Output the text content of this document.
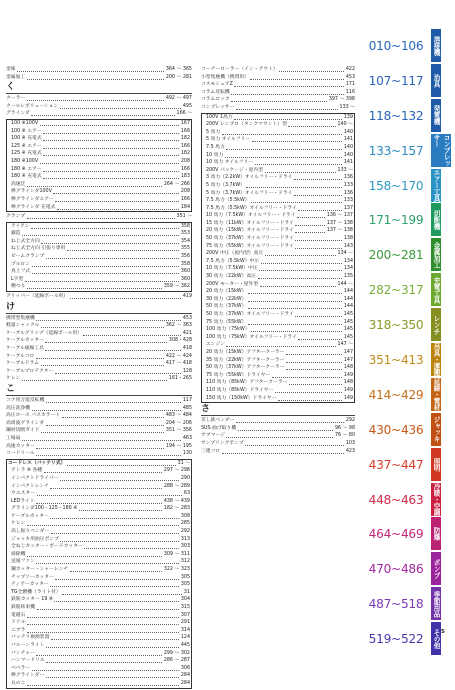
金庫	364 ～ 365
金属加工	200 ～ 281
く
クーラー	492 ～ 497
クールレボリューション	495
グラインダ	166 ～
100 ※100V	167
100 ※ エアー	166
100 ※ 充電式	182
125 ※ エアー	166
125 ※ 充電式	182
180 ※100V	208
180 ※ エアー	166
180 ※ 充電式	183
高速迂	264 ～ 266
棒グラインダ100V	208
棒グラインダエアー	166
棒グラインダ 充電式	184
クランプ	351 ～
アイアン	358
鍛造	353
ねじ式全方向	354
ねじ式全方向 引張り専用	355
ビームクランプ	356
プルロン	358
真上フ式	360
L字型	360
横つり	359 ～ 362
グリッパー（延線ボール用）	419
け
携帯型集塵機	453
軽量シャックル	362 ～ 363
ケーブルグリップ（延線ボール用）	421
ケーブルカッター	308・428
ケーブル通線工具	418
ケーブルコロ	422 ～ 424
ケーブルドラム	417 ～ 418
ケーブルプロテクター	128
ケレン	161・265
こ
コア用万能反転機	117
高圧洗浄機	485
高圧ホース パスカラート	483 ～ 484
高周波グラインダ	204 ～ 206
鋼材切断ガイド	351 ～ 356
工場扇	463
高速カッター	194 ～ 195
コードリール	130
コードレス（バッテリ式）	31 ～
アトラ ※ 各種	297 ～ 298
インパクトドライバー	290
インパクトレンチ	288 ～ 289
ウエスター	63
LEDライト	438 ～ 439
グラインダ100・125・180 ※	182 ～ 283
ケーブルカッター	308
ケレン	285
高し振りペンダー	292
ジャッキ用油圧ポンプ	313
全ねじカッター・ボードカッター	303
掃除機	309 ～ 311
送風ファン	312
鋼カッター・シャーレンチ	322 ～ 323
チップソーカッター	305
ティアーカッター	305
TG全燃機（ライト付）	31
鉄筋カッター 19 ※	304
鉄筋結束機	315
電磁石	307
ドリル	291
ニブラ	314
バッテリ複源装置	124
バルーンライト	445
バンチャー	299 ～ 302
ハンマードリル	286 ～ 287
ベベラー	306
棒グラインダー	284
丸のこ	284
コーナーローラー（イン・アウト）	422
小型集塵機（携帯用）	453
コスモシュアZ	171
コラム反転機	116
コラムロック	397 ～ 398
コンプレッサー	133 ～
100V 1馬力	139
200V レシプロ（タンクマウント）型	140 ～
5 馬力	140
5 馬力 オイルフリー	141
7.5 馬力	140
10 馬力	140
10 馬力 オイルフリー	141
200V パッケージ・屋内型	133 ～
3 馬力（2.2kW）オイルフリー・ドライ	136
5 馬力（3.7kW）	133
5 馬力（3.7kW）オイルフリー・ドライ	136
7.5 馬力（5.5kW）	133
7.5 馬力（5.5kW）オイルフリー・ドライ	137
10 馬力（7.5kW）オイルフリー・ドライ	136 ～ 137
15 馬力（11kW）オイルフリー・ドライ	137 ～ 138
20 馬力（15kW）オイルフリー・ドライ	137 ～ 138
50 馬力（37kW）オイルフリー・ドライ	138
75 馬力（55kW）オイルフリー・ドライ	143
200V 中圧（屋内型）高圧	134 ～
7.5 馬力（5.5kW）中圧	134
10 馬力（7.5kW）中圧	134
30 馬力（22kW）高圧	135
200V モーター・屋外型	144 ～
20 馬力（15kW）	144
30 馬力（22kW）	144
50 馬力（37kW）	144
50 馬力（37kW）オイルフリー・ドライ	145
75 馬力（55kW）	145
100 馬力（75kW）	145
100 馬力（75kW）オイルフリー・ドライ	145
エンジン	147 ～
20 馬力（15kW）アフタークーラー	147
35 馬力（22kW）アフタークーラー	147
50 馬力（37kW）アフタークーラー	148
75 馬力（55kW）ドライヤー	149
110 馬力（85kW）アフタークーラー	148
110 馬力（85kW）ドライヤー	149
150 馬力（150kW）ドライヤー	149
さ
差し鉄ベンダー	292
SUS 曲げ取り機	96 ～ 98
サブマージ	76 ～ 80
サンプリングポンプ	103
三連コロ	423
010~106
107~117
118~132
133~157
158~170
171~199
200~281
282~317
318~350
351~413
414~429
430~436
437~447
448~463
464~469
470~486
487~518
519~522
溶接機
治具
発電機
コンプレッサー
エアー工具
切断機
金属加工
充電工具
レンチ
吊具・運搬
延線・電材
ジャッキ
照明
冷暖・空調
防爆
ポンプ
季節用品
その他 5
